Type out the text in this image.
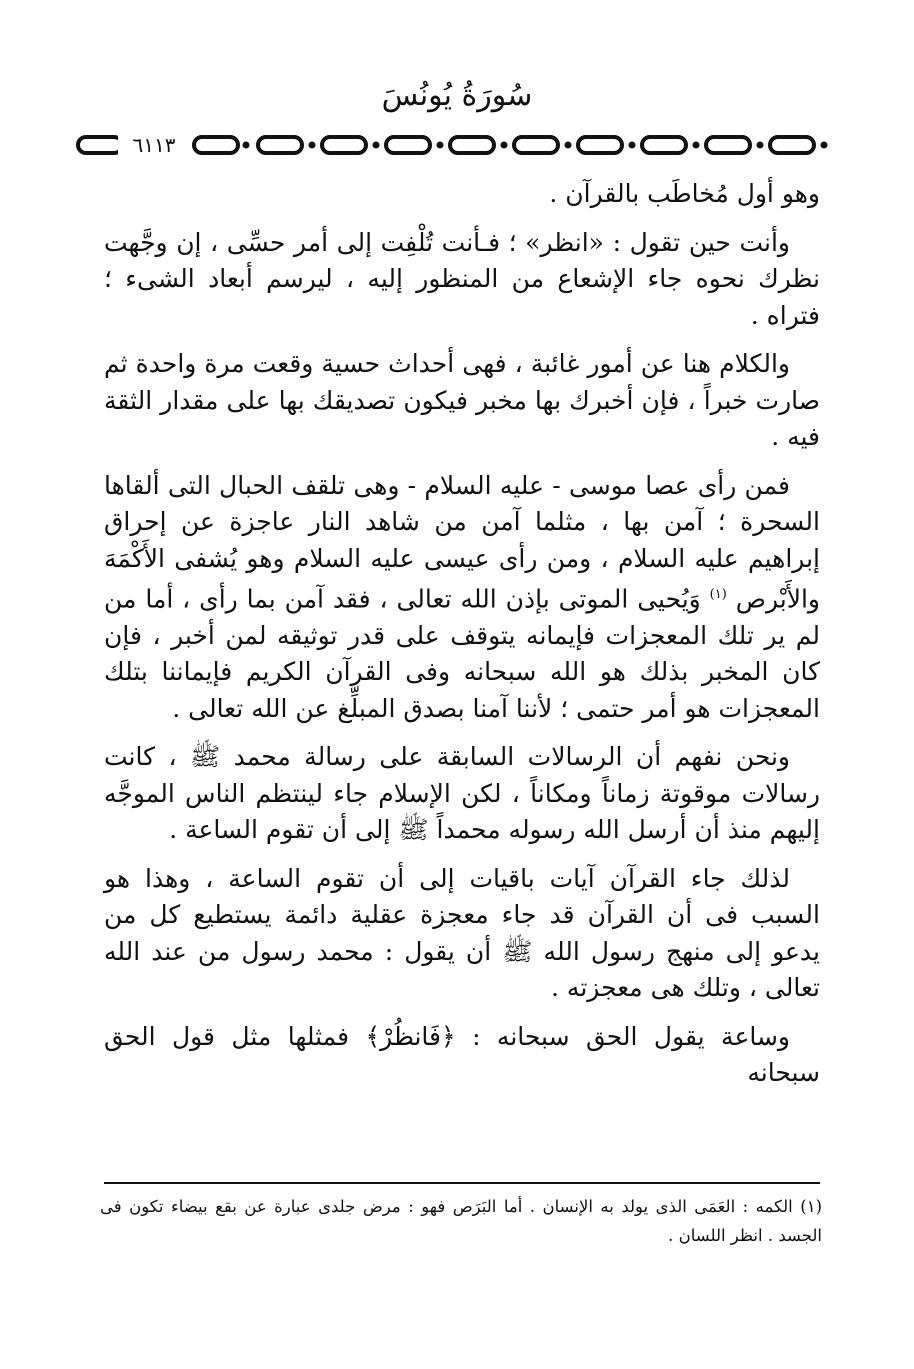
سُورَةُ يُونُسَ
٦١١٣

وهو أول مُخاطَب بالقرآن .

وأنت حين تقول : «انظر» ؛ فـأنت تُلْفِت إلى أمر حسِّى ، إن وجَّهت نظرك نحوه جاء الإشعاع من المنظور إليه ، ليرسم أبعاد الشىء ؛ فتراه .

والكلام هنا عن أمور غائبة ، فهى أحداث حسية وقعت مرة واحدة ثم صارت خبراً ، فإن أخبرك بها مخبر فيكون تصديقك بها على مقدار الثقة فيه .

فمن رأى عصا موسى - عليه السلام - وهى تلقف الحبال التى ألقاها السحرة ؛ آمن بها ، مثلما آمن من شاهد النار عاجزة عن إحراق إبراهيم عليه السلام ، ومن رأى عيسى عليه السلام وهو يُشفى الأَكْمَهَ والأَبْرص $^{(١)}$ وَيُحيى الموتى بإذن الله تعالى ، فقد آمن بما رأى ، أما من لم ير تلك المعجزات فإيمانه يتوقف على قدر توثيقه لمن أخبر ، فإن كان المخبر بذلك هو الله سبحانه وفى القرآن الكريم فإيماننا بتلك المعجزات هو أمر حتمى ؛ لأننا آمنا بصدق المبلِّغ عن الله تعالى .

ونحن نفهم أن الرسالات السابقة على رسالة محمد ﷺ ، كانت رسالات موقوتة زماناً ومكاناً ، لكن الإسلام جاء لينتظم الناس الموجَّه إليهم منذ أن أرسل الله رسوله محمداً ﷺ إلى أن تقوم الساعة .

لذلك جاء القرآن آيات باقيات إلى أن تقوم الساعة ، وهذا هو السبب فى أن القرآن قد جاء معجزة عقلية دائمة يستطيع كل من يدعو إلى منهج رسول الله ﷺ أن يقول : محمد رسول من عند الله تعالى ، وتلك هى معجزته .

وساعة يقول الحق سبحانه : ﴿فَانظُرْ﴾ فمثلها مثل قول الحق سبحانه

(١) الكمه : العَمَى الذى يولد به الإنسان . أما البَرَص فهو : مرض جلدى عبارة عن بقع بيضاء تكون فى الجسد . انظر اللسان .
